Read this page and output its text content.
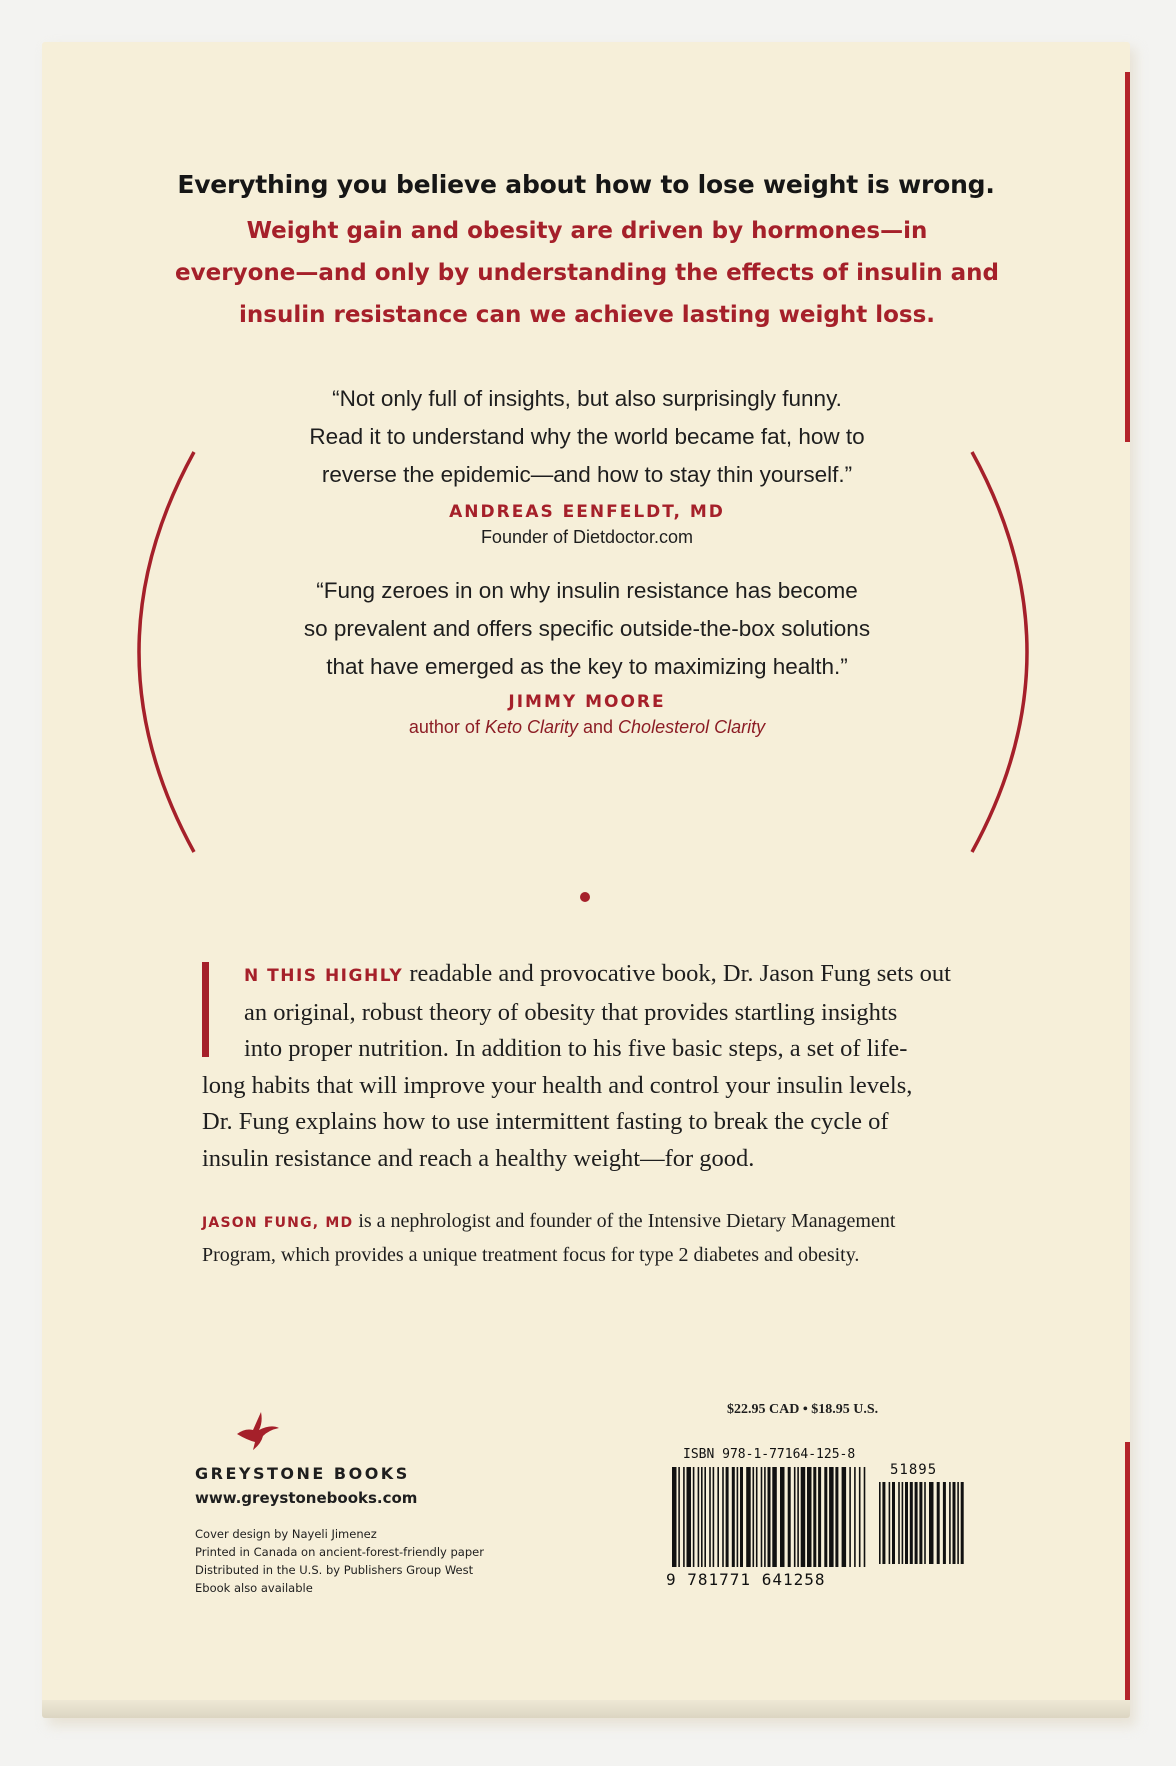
Everything you believe about how to lose weight is wrong.
Weight gain and obesity are driven by hormones—in
everyone—and only by understanding the effects of insulin and
insulin resistance can we achieve lasting weight loss.
“Not only full of insights, but also surprisingly funny.
Read it to understand why the world became fat, how to
reverse the epidemic—and how to stay thin yourself.”
ANDREAS EENFELDT, MD
Founder of Dietdoctor.com
“Fung zeroes in on why insulin resistance has become
so prevalent and offers specific outside-the-box solutions
that have emerged as the key to maximizing health.”
JIMMY MOORE
author of Keto Clarity and Cholesterol Clarity
N THIS HIGHLY readable and provocative book, Dr. Jason Fung sets out
an original, robust theory of obesity that provides startling insights
into proper nutrition. In addition to his five basic steps, a set of life-
long habits that will improve your health and control your insulin levels,
Dr. Fung explains how to use intermittent fasting to break the cycle of
insulin resistance and reach a healthy weight—for good.
JASON FUNG, MD is a nephrologist and founder of the Intensive Dietary Management
Program, which provides a unique treatment focus for type 2 diabetes and obesity.
GREYSTONE BOOKS
www.greystonebooks.com
Cover design by Nayeli Jimenez
Printed in Canada on ancient-forest-friendly paper
Distributed in the U.S. by Publishers Group West
Ebook also available
$22.95 CAD • $18.95 U.S.
ISBN 978-1-77164-125-8
51895
9 781771 641258
